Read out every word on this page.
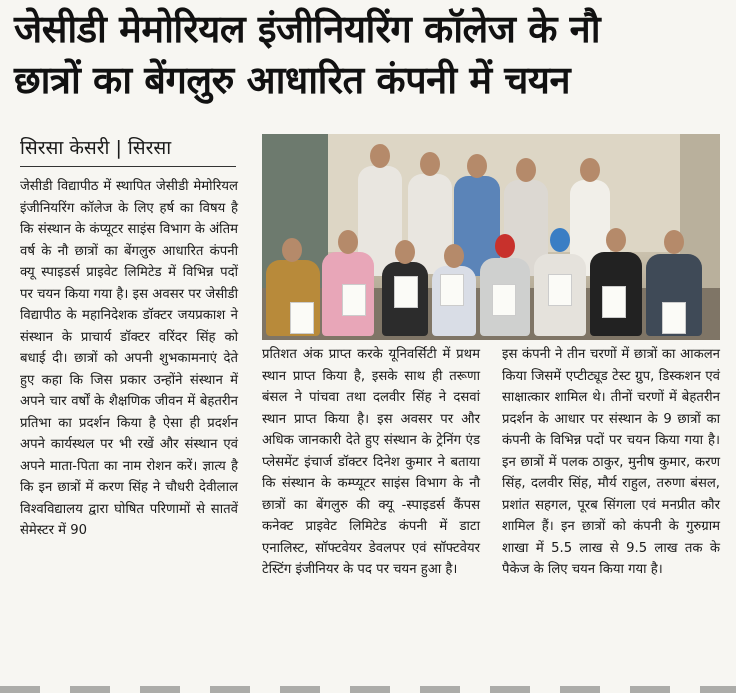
जेसीडी मेमोरियल इंजीनियरिंग कॉलेज के नौ
छात्रों का बेंगलुरु आधारित कंपनी में चयन
सिरसा केसरी | सिरसा

जेसीडी विद्यापीठ में स्थापित जेसीडी मेमोरियल इंजीनियरिंग कॉलेज के लिए हर्ष का विषय है कि संस्थान के कंप्यूटर साइंस विभाग के अंतिम वर्ष के नौ छात्रों का बेंगलुरु आधारित कंपनी क्यू स्पाइडर्स प्राइवेट लिमिटेड में विभिन्न पदों पर चयन किया गया है। इस अवसर पर जेसीडी विद्यापीठ के महानिदेशक डॉक्टर जयप्रकाश ने संस्थान के प्राचार्य डॉक्टर वरिंदर सिंह को बधाई दी। छात्रों को अपनी शुभकामनाएं देते हुए कहा कि जिस प्रकार उन्होंने संस्थान में अपने चार वर्षों के शैक्षणिक जीवन में बेहतरीन प्रतिभा का प्रदर्शन किया है ऐसा ही प्रदर्शन अपने कार्यस्थल पर भी रखें और संस्थान एवं अपने माता-पिता का नाम रोशन करें। ज्ञात्य है कि इन छात्रों में करण सिंह ने चौधरी देवीलाल विश्वविद्यालय द्वारा घोषित परिणामों से सातवें सेमेस्टर में 90

प्रतिशत अंक प्राप्त करके यूनिवर्सिटी में प्रथम स्थान प्राप्त किया है, इसके साथ ही तरूणा बंसल ने पांचवा तथा दलवीर सिंह ने दसवां स्थान प्राप्त किया है। इस अवसर पर और अधिक जानकारी देते हुए संस्थान के ट्रेनिंग एंड प्लेसमेंट इंचार्ज डॉक्टर दिनेश कुमार ने बताया कि संस्थान के कम्प्यूटर साइंस विभाग के नौ छात्रों का बेंगलुरु की क्यू -स्पाइडर्स कैंपस कनेक्ट प्राइवेट लिमिटेड कंपनी में डाटा एनालिस्ट, सॉफ्टवेयर डेवलपर एवं सॉफ्टवेयर टेस्टिंग इंजीनियर के पद पर चयन हुआ है।

इस कंपनी ने तीन चरणों में छात्रों का आकलन किया जिसमें एप्टीट्यूड टेस्ट ग्रुप, डिस्कशन एवं साक्षात्कार शामिल थे। तीनों चरणों में बेहतरीन प्रदर्शन के आधार पर संस्थान के 9 छात्रों का कंपनी के विभिन्न पदों पर चयन किया गया है। इन छात्रों में पलक ठाकुर, मुनीष कुमार, करण सिंह, दलवीर सिंह, मौर्य राहुल, तरुणा बंसल, प्रशांत सहगल, पूरब सिंगला एवं मनप्रीत कौर शामिल हैं। इन छात्रों को कंपनी के गुरुग्राम शाखा में 5.5 लाख से 9.5 लाख तक के पैकेज के लिए चयन किया गया है।
